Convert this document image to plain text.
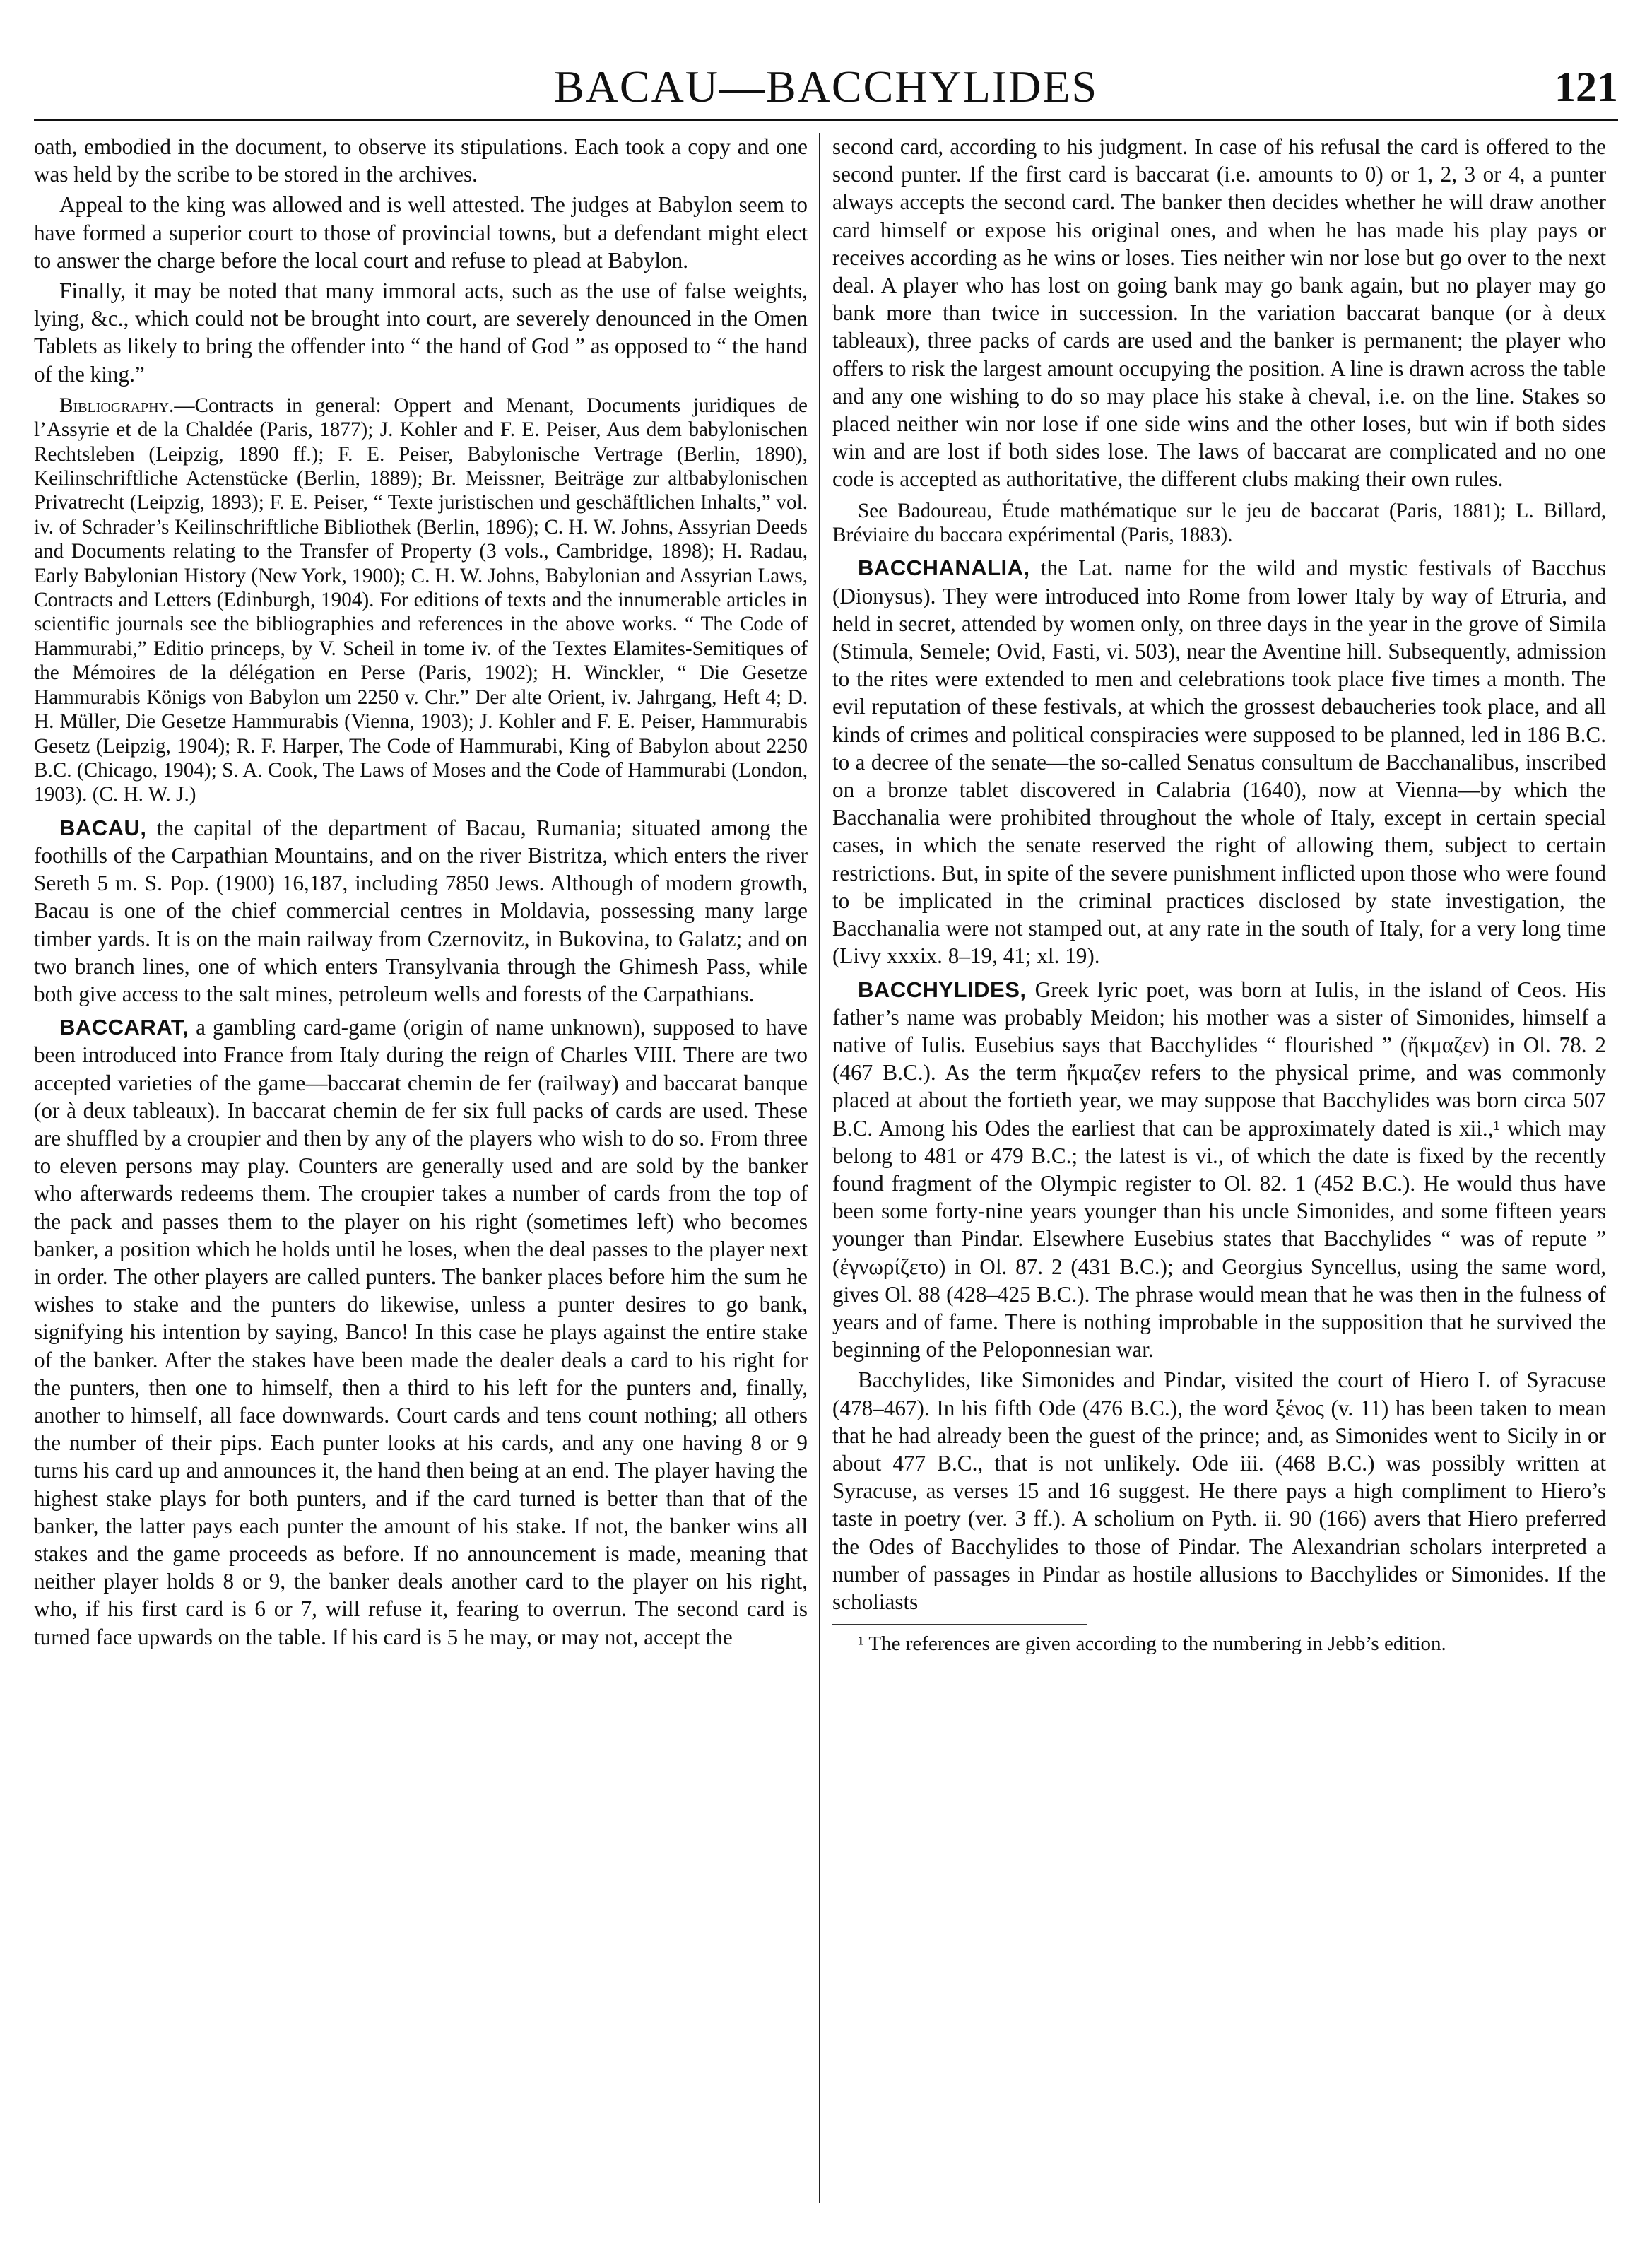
BACAU—BACCHYLIDES	121

oath, embodied in the document, to observe its stipulations. Each took a copy and one was held by the scribe to be stored in the archives.

Appeal to the king was allowed and is well attested. The judges at Babylon seem to have formed a superior court to those of provincial towns, but a defendant might elect to answer the charge before the local court and refuse to plead at Babylon.

Finally, it may be noted that many immoral acts, such as the use of false weights, lying, &c., which could not be brought into court, are severely denounced in the Omen Tablets as likely to bring the offender into “ the hand of God ” as opposed to “ the hand of the king.”

Bibliography.—Contracts in general: Oppert and Menant, Documents juridiques de l’Assyrie et de la Chaldée (Paris, 1877); J. Kohler and F. E. Peiser, Aus dem babylonischen Rechtsleben (Leipzig, 1890 ff.); F. E. Peiser, Babylonische Vertrage (Berlin, 1890), Keilinschriftliche Actenstücke (Berlin, 1889); Br. Meissner, Beiträge zur altbabylonischen Privatrecht (Leipzig, 1893); F. E. Peiser, “ Texte juristischen und geschäftlichen Inhalts,” vol. iv. of Schrader’s Keilinschriftliche Bibliothek (Berlin, 1896); C. H. W. Johns, Assyrian Deeds and Documents relating to the Transfer of Property (3 vols., Cambridge, 1898); H. Radau, Early Babylonian History (New York, 1900); C. H. W. Johns, Babylonian and Assyrian Laws, Contracts and Letters (Edinburgh, 1904). For editions of texts and the innumerable articles in scientific journals see the bibliographies and references in the above works. “ The Code of Hammurabi,” Editio princeps, by V. Scheil in tome iv. of the Textes Elamites-Semitiques of the Mémoires de la délégation en Perse (Paris, 1902); H. Winckler, “ Die Gesetze Hammurabis Königs von Babylon um 2250 v. Chr.” Der alte Orient, iv. Jahrgang, Heft 4; D. H. Müller, Die Gesetze Hammurabis (Vienna, 1903); J. Kohler and F. E. Peiser, Hammurabis Gesetz (Leipzig, 1904); R. F. Harper, The Code of Hammurabi, King of Babylon about 2250 B.C. (Chicago, 1904); S. A. Cook, The Laws of Moses and the Code of Hammurabi (London, 1903). (C. H. W. J.)

BACAU, the capital of the department of Bacau, Rumania; situated among the foothills of the Carpathian Mountains, and on the river Bistritza, which enters the river Sereth 5 m. S. Pop. (1900) 16,187, including 7850 Jews. Although of modern growth, Bacau is one of the chief commercial centres in Moldavia, possessing many large timber yards. It is on the main railway from Czernovitz, in Bukovina, to Galatz; and on two branch lines, one of which enters Transylvania through the Ghimesh Pass, while both give access to the salt mines, petroleum wells and forests of the Carpathians.

BACCARAT, a gambling card-game (origin of name unknown), supposed to have been introduced into France from Italy during the reign of Charles VIII. There are two accepted varieties of the game—baccarat chemin de fer (railway) and baccarat banque (or à deux tableaux). In baccarat chemin de fer six full packs of cards are used. These are shuffled by a croupier and then by any of the players who wish to do so. From three to eleven persons may play. Counters are generally used and are sold by the banker who afterwards redeems them. The croupier takes a number of cards from the top of the pack and passes them to the player on his right (sometimes left) who becomes banker, a position which he holds until he loses, when the deal passes to the player next in order. The other players are called punters. The banker places before him the sum he wishes to stake and the punters do likewise, unless a punter desires to go bank, signifying his intention by saying, Banco! In this case he plays against the entire stake of the banker. After the stakes have been made the dealer deals a card to his right for the punters, then one to himself, then a third to his left for the punters and, finally, another to himself, all face downwards. Court cards and tens count nothing; all others the number of their pips. Each punter looks at his cards, and any one having 8 or 9 turns his card up and announces it, the hand then being at an end. The player having the highest stake plays for both punters, and if the card turned is better than that of the banker, the latter pays each punter the amount of his stake. If not, the banker wins all stakes and the game proceeds as before. If no announcement is made, meaning that neither player holds 8 or 9, the banker deals another card to the player on his right, who, if his first card is 6 or 7, will refuse it, fearing to overrun. The second card is turned face upwards on the table. If his card is 5 he may, or may not, accept the

second card, according to his judgment. In case of his refusal the card is offered to the second punter. If the first card is baccarat (i.e. amounts to 0) or 1, 2, 3 or 4, a punter always accepts the second card. The banker then decides whether he will draw another card himself or expose his original ones, and when he has made his play pays or receives according as he wins or loses. Ties neither win nor lose but go over to the next deal. A player who has lost on going bank may go bank again, but no player may go bank more than twice in succession. In the variation baccarat banque (or à deux tableaux), three packs of cards are used and the banker is permanent; the player who offers to risk the largest amount occupying the position. A line is drawn across the table and any one wishing to do so may place his stake à cheval, i.e. on the line. Stakes so placed neither win nor lose if one side wins and the other loses, but win if both sides win and are lost if both sides lose. The laws of baccarat are complicated and no one code is accepted as authoritative, the different clubs making their own rules.

See Badoureau, Étude mathématique sur le jeu de baccarat (Paris, 1881); L. Billard, Bréviaire du baccara expérimental (Paris, 1883).

BACCHANALIA, the Lat. name for the wild and mystic festivals of Bacchus (Dionysus). They were introduced into Rome from lower Italy by way of Etruria, and held in secret, attended by women only, on three days in the year in the grove of Simila (Stimula, Semele; Ovid, Fasti, vi. 503), near the Aventine hill. Subsequently, admission to the rites were extended to men and celebrations took place five times a month. The evil reputation of these festivals, at which the grossest debaucheries took place, and all kinds of crimes and political conspiracies were supposed to be planned, led in 186 B.C. to a decree of the senate—the so-called Senatus consultum de Bacchanalibus, inscribed on a bronze tablet discovered in Calabria (1640), now at Vienna—by which the Bacchanalia were prohibited throughout the whole of Italy, except in certain special cases, in which the senate reserved the right of allowing them, subject to certain restrictions. But, in spite of the severe punishment inflicted upon those who were found to be implicated in the criminal practices disclosed by state investigation, the Bacchanalia were not stamped out, at any rate in the south of Italy, for a very long time (Livy xxxix. 8–19, 41; xl. 19).

BACCHYLIDES, Greek lyric poet, was born at Iulis, in the island of Ceos. His father’s name was probably Meidon; his mother was a sister of Simonides, himself a native of Iulis. Eusebius says that Bacchylides “ flourished ” (ἤκμαζεν) in Ol. 78. 2 (467 B.C.). As the term ἤκμαζεν refers to the physical prime, and was commonly placed at about the fortieth year, we may suppose that Bacchylides was born circa 507 B.C. Among his Odes the earliest that can be approximately dated is xii.,¹ which may belong to 481 or 479 B.C.; the latest is vi., of which the date is fixed by the recently found fragment of the Olympic register to Ol. 82. 1 (452 B.C.). He would thus have been some forty-nine years younger than his uncle Simonides, and some fifteen years younger than Pindar. Elsewhere Eusebius states that Bacchylides “ was of repute ” (ἐγνωρίζετο) in Ol. 87. 2 (431 B.C.); and Georgius Syncellus, using the same word, gives Ol. 88 (428–425 B.C.). The phrase would mean that he was then in the fulness of years and of fame. There is nothing improbable in the supposition that he survived the beginning of the Peloponnesian war.

Bacchylides, like Simonides and Pindar, visited the court of Hiero I. of Syracuse (478–467). In his fifth Ode (476 B.C.), the word ξένος (v. 11) has been taken to mean that he had already been the guest of the prince; and, as Simonides went to Sicily in or about 477 B.C., that is not unlikely. Ode iii. (468 B.C.) was possibly written at Syracuse, as verses 15 and 16 suggest. He there pays a high compliment to Hiero’s taste in poetry (ver. 3 ff.). A scholium on Pyth. ii. 90 (166) avers that Hiero preferred the Odes of Bacchylides to those of Pindar. The Alexandrian scholars interpreted a number of passages in Pindar as hostile allusions to Bacchylides or Simonides. If the scholiasts

¹ The references are given according to the numbering in Jebb’s edition.
